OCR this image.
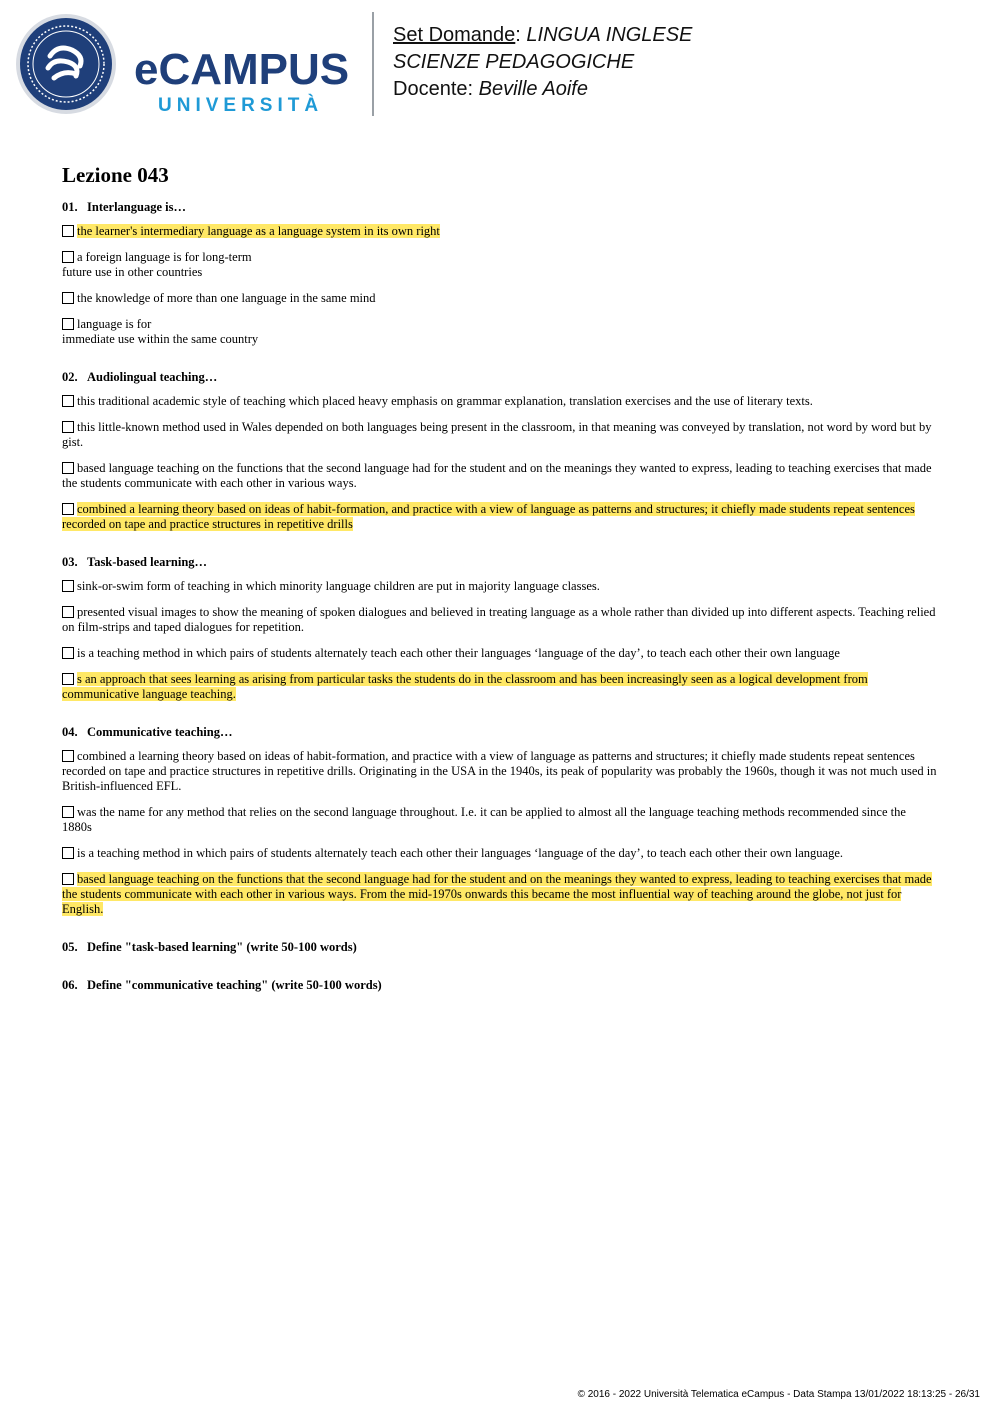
eCAMPUS
UNIVERSITÀ
Set Domande: LINGUA INGLESE
SCIENZE PEDAGOGICHE
Docente: Beville Aoife
Lezione 043
01. Interlanguage is…
the learner's intermediary language as a language system in its own right
a foreign language is for long-term
future use in other countries
the knowledge of more than one language in the same mind
language is for
immediate use within the same country
02. Audiolingual teaching…
this traditional academic style of teaching which placed heavy emphasis on grammar explanation, translation exercises and the use of literary texts.
this little-known method used in Wales depended on both languages being present in the classroom, in that meaning was conveyed by translation, not word by word but by gist.
based language teaching on the functions that the second language had for the student and on the meanings they wanted to express, leading to teaching exercises that made the students communicate with each other in various ways.
combined a learning theory based on ideas of habit-formation, and practice with a view of language as patterns and structures; it chiefly made students repeat sentences recorded on tape and practice structures in repetitive drills
03. Task-based learning…
sink-or-swim form of teaching in which minority language children are put in majority language classes.
presented visual images to show the meaning of spoken dialogues and believed in treating language as a whole rather than divided up into different aspects. Teaching relied on film-strips and taped dialogues for repetition.
is a teaching method in which pairs of students alternately teach each other their languages ‘language of the day’, to teach each other their own language
s an approach that sees learning as arising from particular tasks the students do in the classroom and has been increasingly seen as a logical development from communicative language teaching.
04. Communicative teaching…
combined a learning theory based on ideas of habit-formation, and practice with a view of language as patterns and structures; it chiefly made students repeat sentences recorded on tape and practice structures in repetitive drills. Originating in the USA in the 1940s, its peak of popularity was probably the 1960s, though it was not much used in British-influenced EFL.
was the name for any method that relies on the second language throughout. I.e. it can be applied to almost all the language teaching methods recommended since the 1880s
is a teaching method in which pairs of students alternately teach each other their languages ‘language of the day’, to teach each other their own language.
based language teaching on the functions that the second language had for the student and on the meanings they wanted to express, leading to teaching exercises that made the students communicate with each other in various ways. From the mid-1970s onwards this became the most influential way of teaching around the globe, not just for English.
05. Define "task-based learning" (write 50-100 words)
06. Define "communicative teaching" (write 50-100 words)
© 2016 - 2022 Università Telematica eCampus - Data Stampa 13/01/2022 18:13:25 - 26/31
